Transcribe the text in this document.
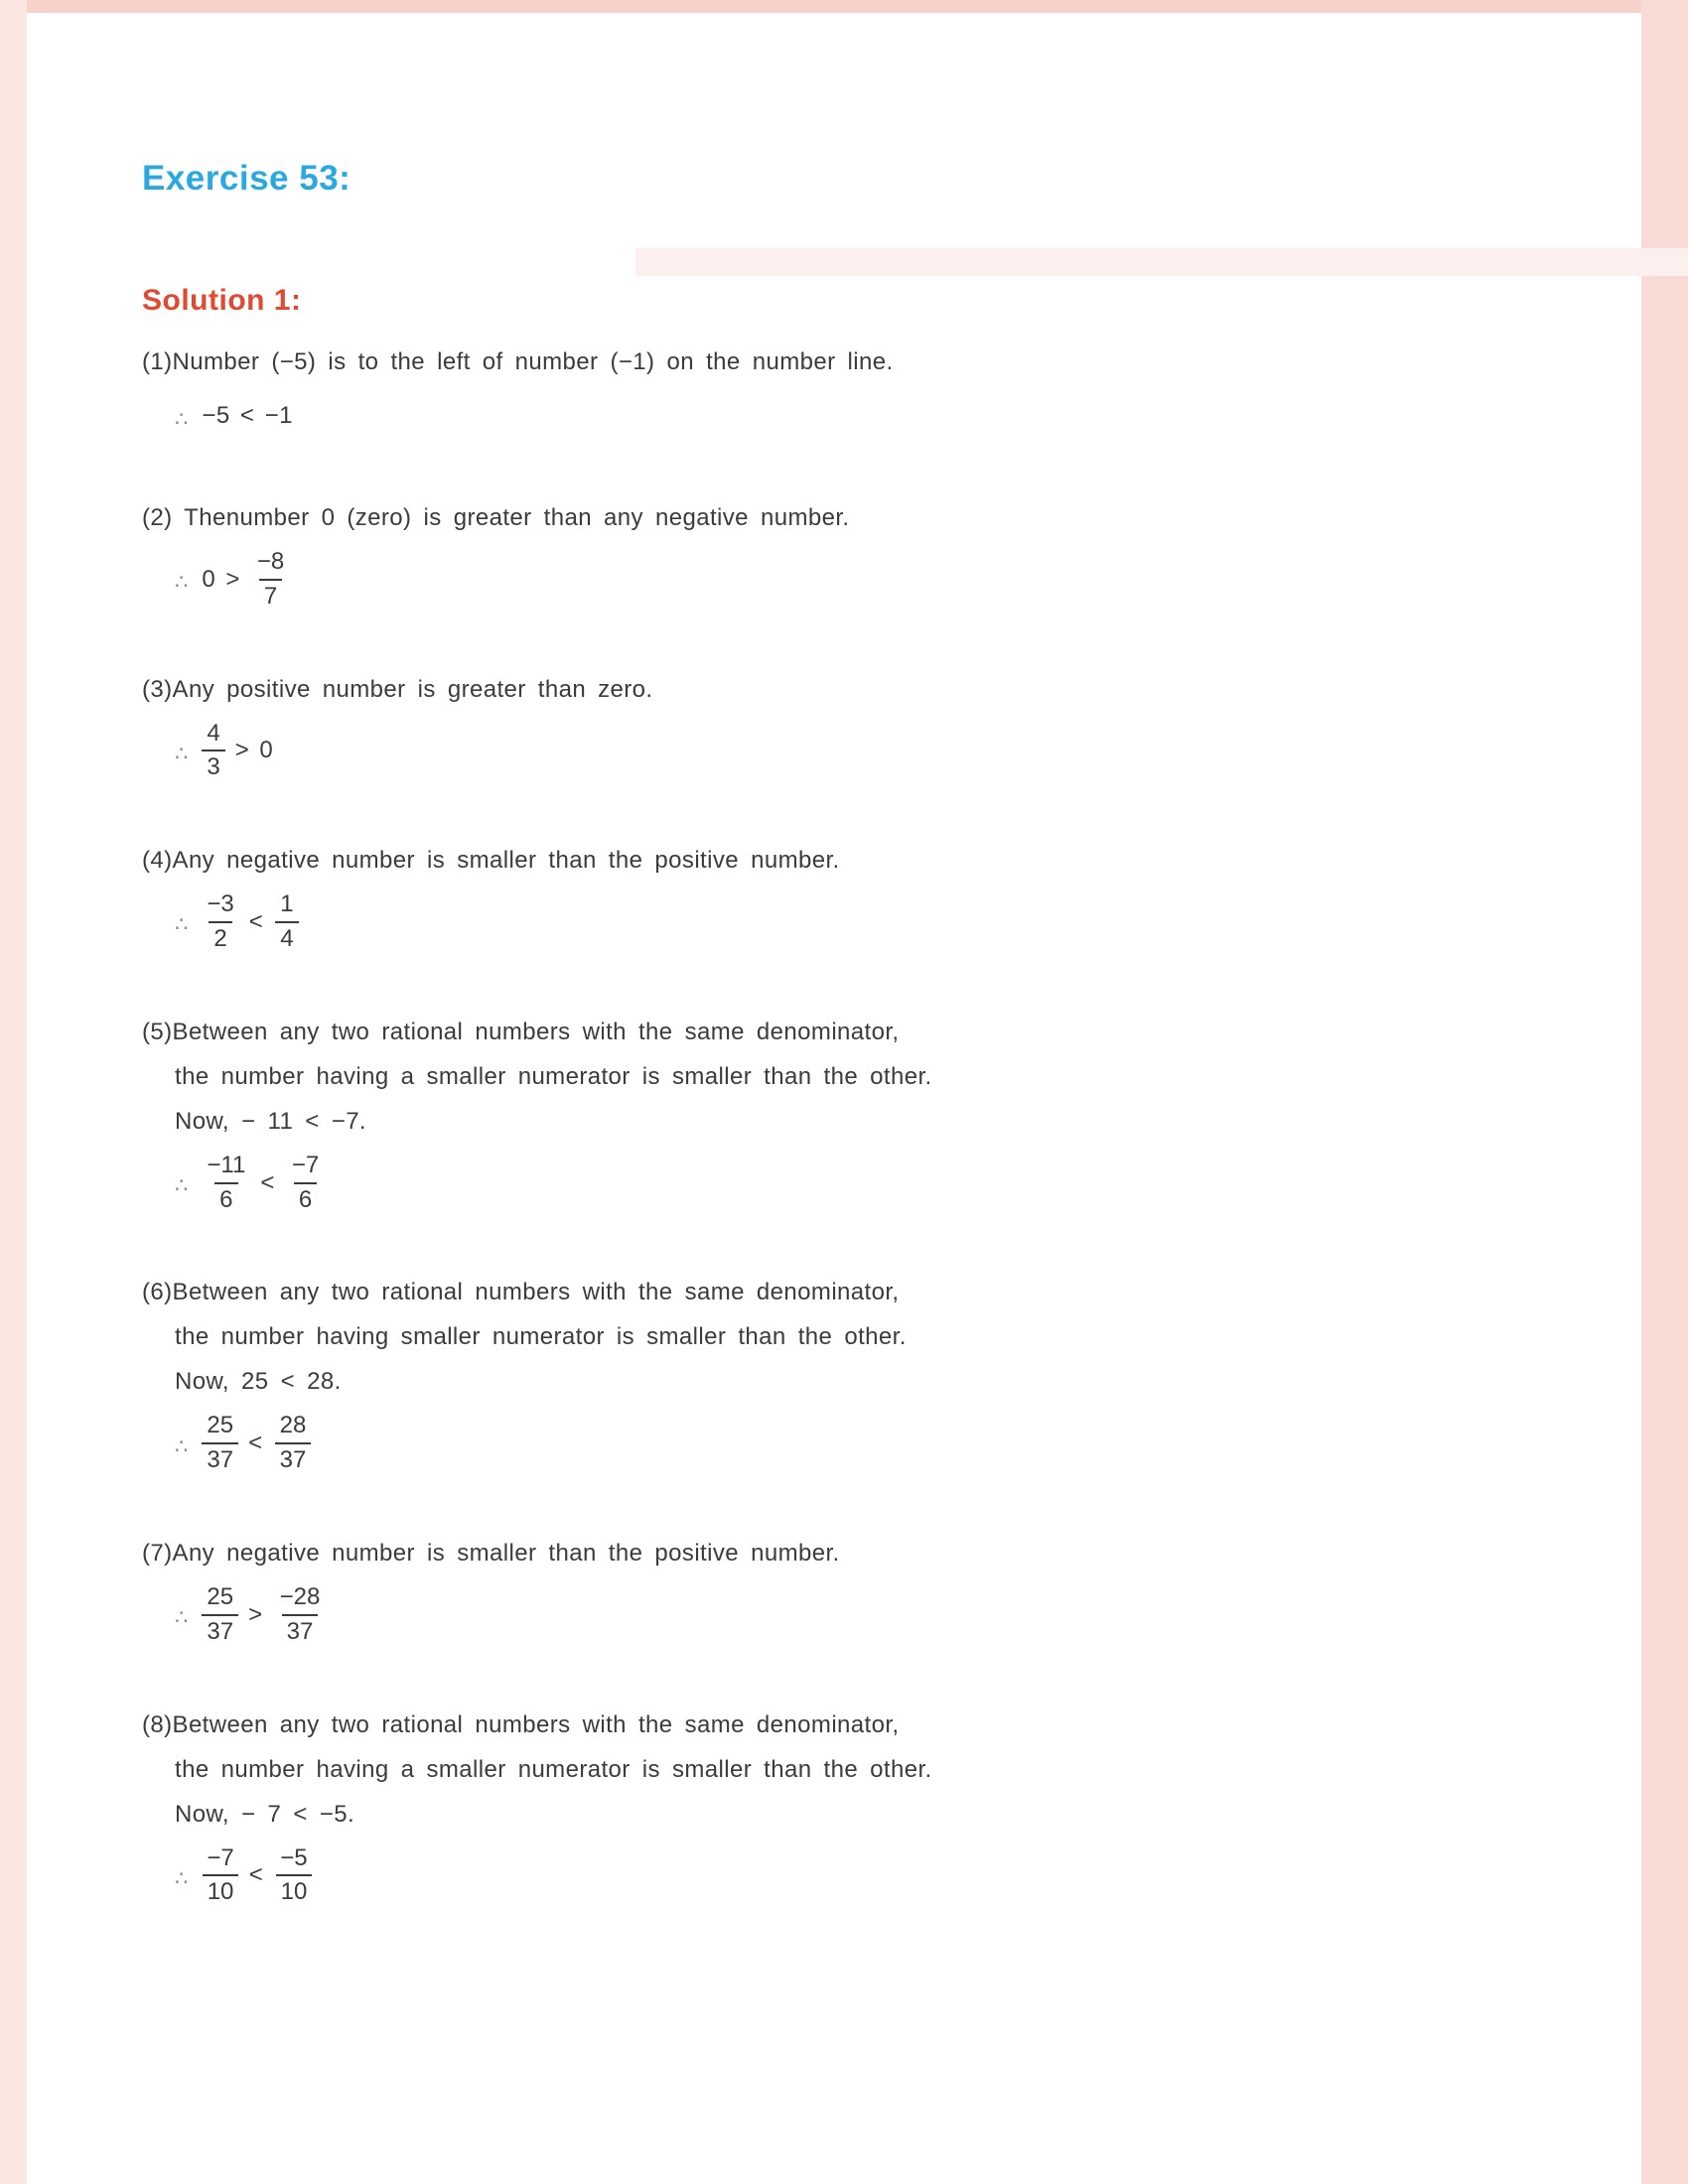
Exercise 53:
Solution 1:
(1)Number (−5) is to the left of number (−1) on the number line.
∴ −5 < −1
(2) Thenumber 0 (zero) is greater than any negative number.
∴ $0 > \frac{-8}{7}$
(3)Any positive number is greater than zero.
∴ $\frac{4}{3} > 0$
(4)Any negative number is smaller than the positive number.
∴ $\frac{-3}{2} < \frac{1}{4}$
(5)Between any two rational numbers with the same denominator,
the number having a smaller numerator is smaller than the other.
Now, − 11 < −7.
∴ $\frac{-11}{6} < \frac{-7}{6}$
(6)Between any two rational numbers with the same denominator,
the number having smaller numerator is smaller than the other.
Now, 25 < 28.
∴ $\frac{25}{37} < \frac{28}{37}$
(7)Any negative number is smaller than the positive number.
∴ $\frac{25}{37} > \frac{-28}{37}$
(8)Between any two rational numbers with the same denominator,
the number having a smaller numerator is smaller than the other.
Now, − 7 < −5.
∴ $\frac{-7}{10} < \frac{-5}{10}$
